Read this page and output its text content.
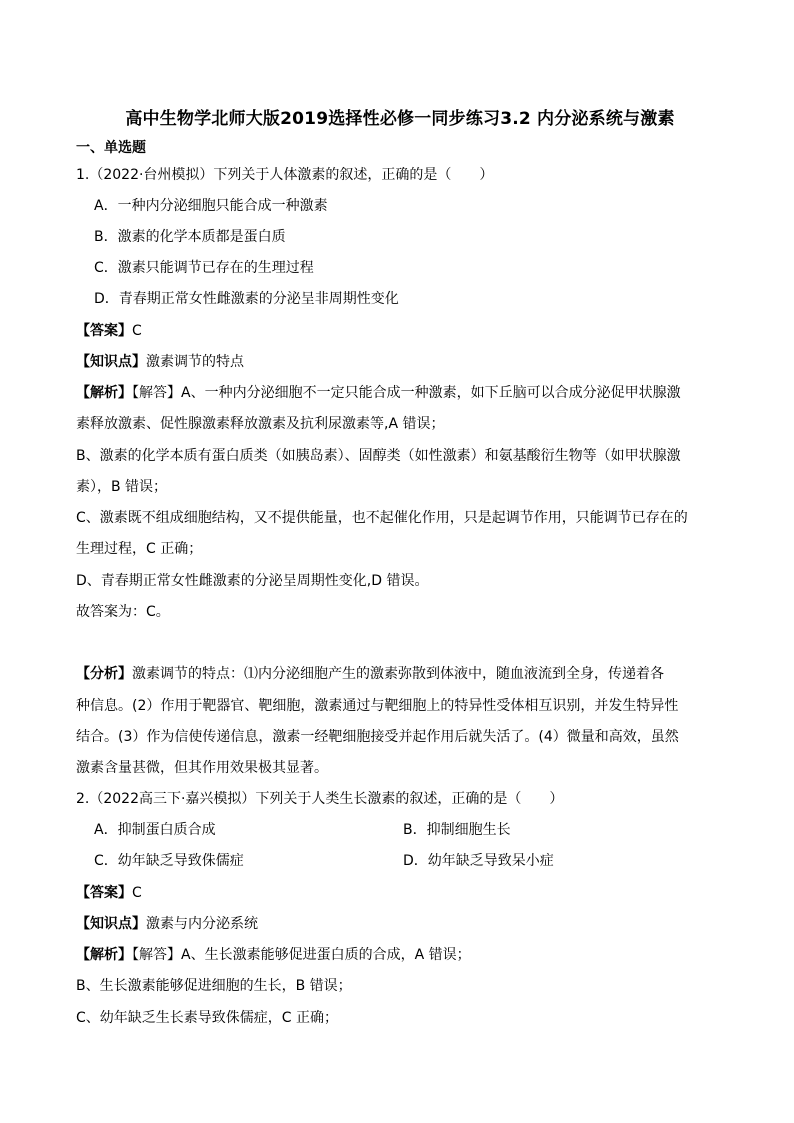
高中生物学北师大版2019选择性必修一同步练习3.2 内分泌系统与激素
一、单选题
1.（2022·台州模拟）下列关于人体激素的叙述，正确的是（　　）
A．一种内分泌细胞只能合成一种激素
B．激素的化学本质都是蛋白质
C．激素只能调节已存在的生理过程
D．青春期正常女性雌激素的分泌呈非周期性变化
【答案】C
【知识点】激素调节的特点
【解析】【解答】A、一种内分泌细胞不一定只能合成一种激素，如下丘脑可以合成分泌促甲状腺激
素释放激素、促性腺激素释放激素及抗利尿激素等,A 错误；
B、激素的化学本质有蛋白质类（如胰岛素）、固醇类（如性激素）和氨基酸衍生物等（如甲状腺激
素），B 错误；
C、激素既不组成细胞结构，又不提供能量，也不起催化作用，只是起调节作用，只能调节已存在的
生理过程，C 正确；
D、青春期正常女性雌激素的分泌呈周期性变化,D 错误。
故答案为：C。
【分析】激素调节的特点：⑴内分泌细胞产生的激素弥散到体液中，随血液流到全身，传递着各
种信息。(2）作用于靶器官、靶细胞，激素通过与靶细胞上的特异性受体相互识别，并发生特异性
结合。(3）作为信使传递信息，激素一经靶细胞接受并起作用后就失活了。(4）微量和高效，虽然
激素含量甚微，但其作用效果极其显著。
2.（2022高三下·嘉兴模拟）下列关于人类生长激素的叙述，正确的是（　　）
A．抑制蛋白质合成	B．抑制细胞生长
C．幼年缺乏导致侏儒症	D．幼年缺乏导致呆小症
【答案】C
【知识点】激素与内分泌系统
【解析】【解答】A、生长激素能够促进蛋白质的合成，A 错误；
B、生长激素能够促进细胞的生长，B 错误；
C、幼年缺乏生长素导致侏儒症，C 正确；
